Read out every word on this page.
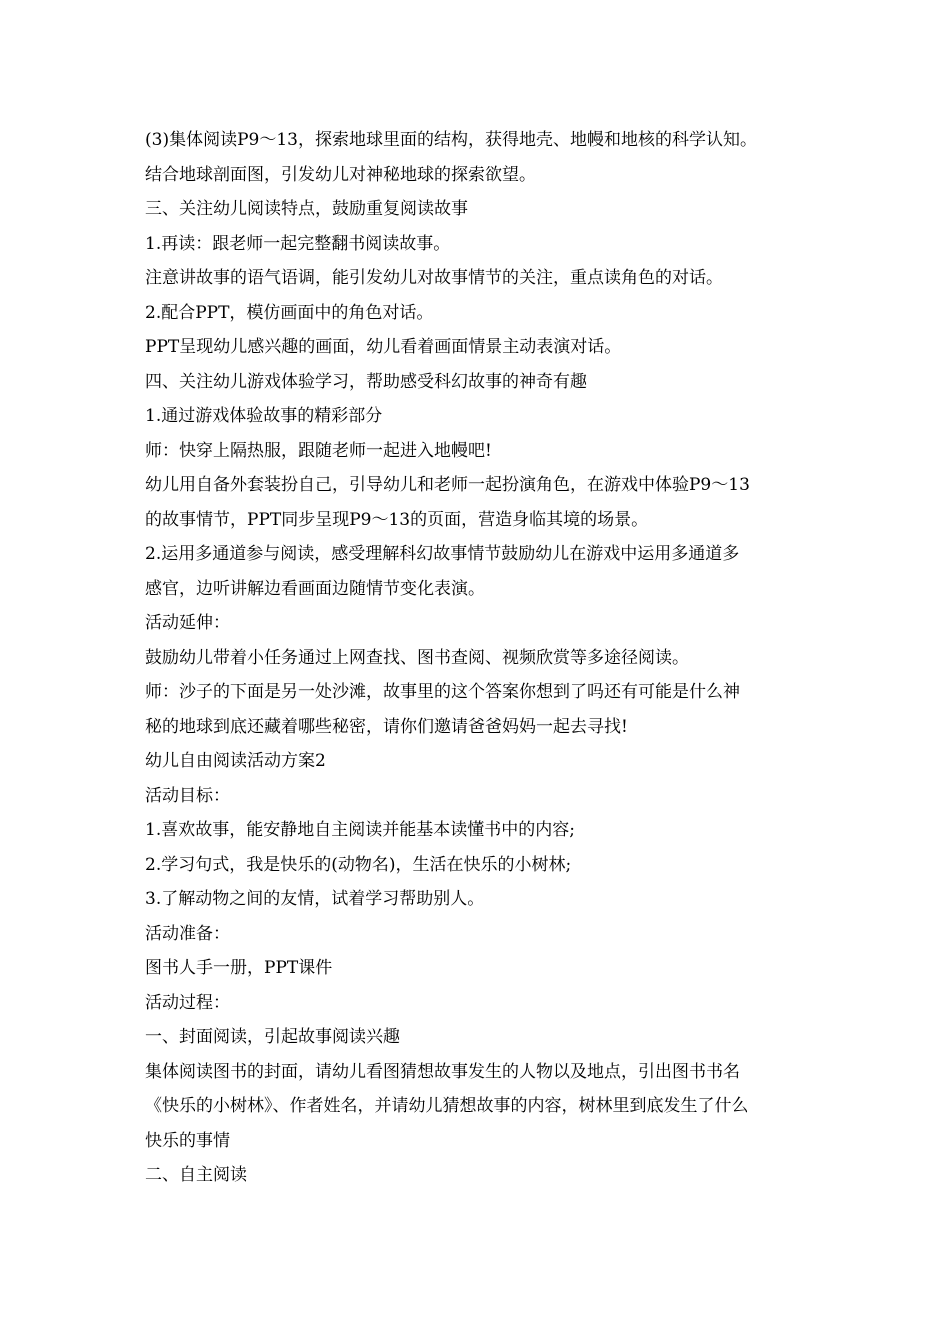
(3)集体阅读P9～13，探索地球里面的结构，获得地壳、地幔和地核的科学认知。
结合地球剖面图，引发幼儿对神秘地球的探索欲望。
三、关注幼儿阅读特点，鼓励重复阅读故事
1.再读：跟老师一起完整翻书阅读故事。
注意讲故事的语气语调，能引发幼儿对故事情节的关注，重点读角色的对话。
2.配合PPT，模仿画面中的角色对话。
PPT呈现幼儿感兴趣的画面，幼儿看着画面情景主动表演对话。
四、关注幼儿游戏体验学习，帮助感受科幻故事的神奇有趣
1.通过游戏体验故事的精彩部分
师：快穿上隔热服，跟随老师一起进入地幔吧!
幼儿用自备外套装扮自己，引导幼儿和老师一起扮演角色，在游戏中体验P9～13
的故事情节，PPT同步呈现P9～13的页面，营造身临其境的场景。
2.运用多通道参与阅读，感受理解科幻故事情节鼓励幼儿在游戏中运用多通道多
感官，边听讲解边看画面边随情节变化表演。
活动延伸：
鼓励幼儿带着小任务通过上网查找、图书查阅、视频欣赏等多途径阅读。
师：沙子的下面是另一处沙滩，故事里的这个答案你想到了吗还有可能是什么神
秘的地球到底还藏着哪些秘密，请你们邀请爸爸妈妈一起去寻找!
幼儿自由阅读活动方案2
活动目标：
1.喜欢故事，能安静地自主阅读并能基本读懂书中的内容;
2.学习句式，我是快乐的(动物名)，生活在快乐的小树林;
3.了解动物之间的友情，试着学习帮助别人。
活动准备：
图书人手一册，PPT课件
活动过程：
一、封面阅读，引起故事阅读兴趣
集体阅读图书的封面，请幼儿看图猜想故事发生的人物以及地点，引出图书书名
《快乐的小树林》、作者姓名，并请幼儿猜想故事的内容，树林里到底发生了什么
快乐的事情
二、自主阅读
